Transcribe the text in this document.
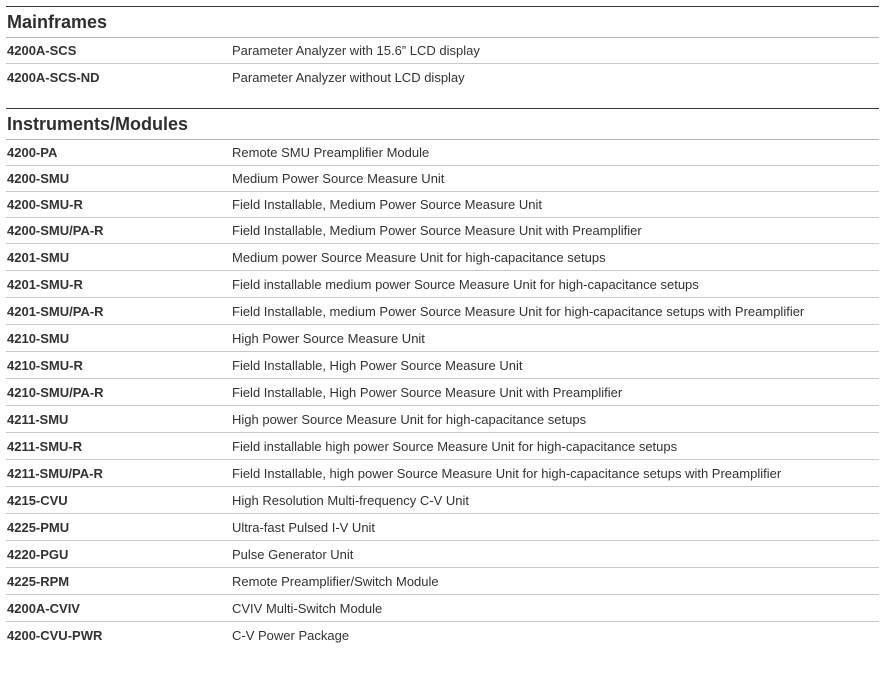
Mainframes
4200A-SCS	Parameter Analyzer with 15.6” LCD display
4200A-SCS-ND	Parameter Analyzer without LCD display
Instruments/Modules
4200-PA	Remote SMU Preamplifier Module
4200-SMU	Medium Power Source Measure Unit
4200-SMU-R	Field Installable, Medium Power Source Measure Unit
4200-SMU/PA-R	Field Installable, Medium Power Source Measure Unit with Preamplifier
4201-SMU	Medium power Source Measure Unit for high-capacitance setups
4201-SMU-R	Field installable medium power Source Measure Unit for high-capacitance setups
4201-SMU/PA-R	Field Installable, medium Power Source Measure Unit for high-capacitance setups with Preamplifier
4210-SMU	High Power Source Measure Unit
4210-SMU-R	Field Installable, High Power Source Measure Unit
4210-SMU/PA-R	Field Installable, High Power Source Measure Unit with Preamplifier
4211-SMU	High power Source Measure Unit for high-capacitance setups
4211-SMU-R	Field installable high power Source Measure Unit for high-capacitance setups
4211-SMU/PA-R	Field Installable, high power Source Measure Unit for high-capacitance setups with Preamplifier
4215-CVU	High Resolution Multi-frequency C-V Unit
4225-PMU	Ultra-fast Pulsed I-V Unit
4220-PGU	Pulse Generator Unit
4225-RPM	Remote Preamplifier/Switch Module
4200A-CVIV	CVIV Multi-Switch Module
4200-CVU-PWR	C-V Power Package
